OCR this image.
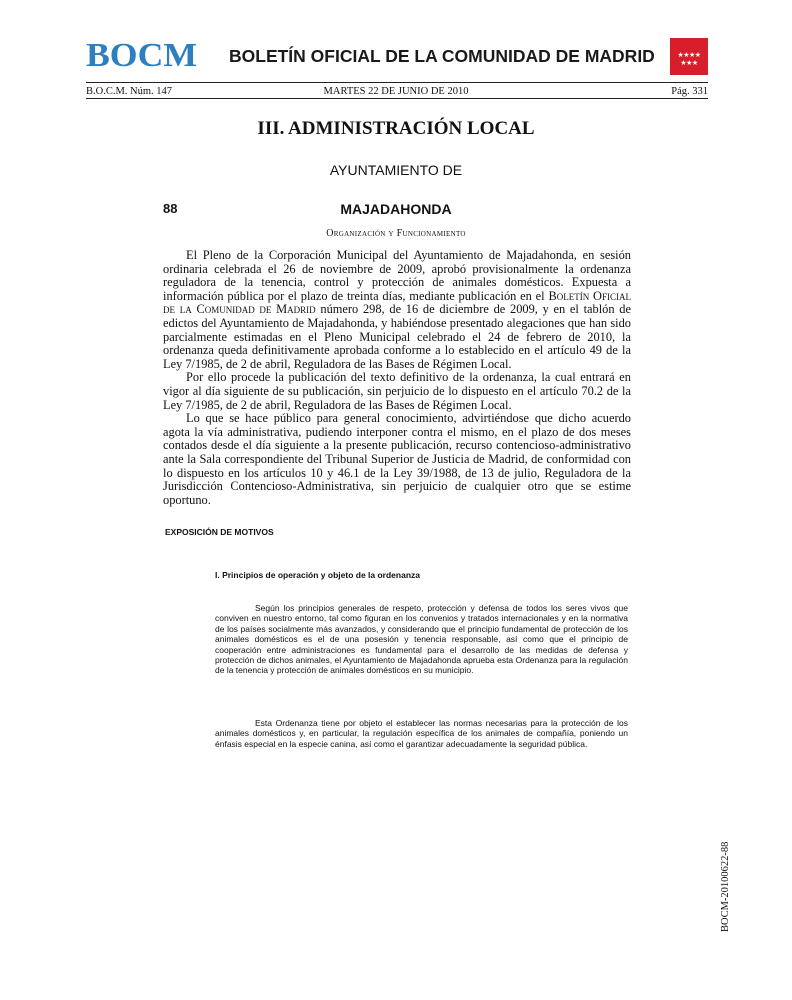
BOCM BOLETÍN OFICIAL DE LA COMUNIDAD DE MADRID	★★★★
★★★
B.O.C.M. Núm. 147	MARTES 22 DE JUNIO DE 2010	Pág. 331
III. ADMINISTRACIÓN LOCAL
AYUNTAMIENTO DE
88	MAJADAHONDA
Organización y Funcionamiento

El Pleno de la Corporación Municipal del Ayuntamiento de Majadahonda, en sesión ordinaria celebrada el 26 de noviembre de 2009, aprobó provisionalmente la ordenanza reguladora de la tenencia, control y protección de animales domésticos. Expuesta a información pública por el plazo de treinta días, mediante publicación en el Boletín Oficial de la Comunidad de Madrid número 298, de 16 de diciembre de 2009, y en el tablón de edictos del Ayuntamiento de Majadahonda, y habiéndose presentado alegaciones que han sido parcialmente estimadas en el Pleno Municipal celebrado el 24 de febrero de 2010, la ordenanza queda definitivamente aprobada conforme a lo establecido en el artículo 49 de la Ley 7/1985, de 2 de abril, Reguladora de las Bases de Régimen Local.

Por ello procede la publicación del texto definitivo de la ordenanza, la cual entrará en vigor al día siguiente de su publicación, sin perjuicio de lo dispuesto en el artículo 70.2 de la Ley 7/1985, de 2 de abril, Reguladora de las Bases de Régimen Local.

Lo que se hace público para general conocimiento, advirtiéndose que dicho acuerdo agota la vía administrativa, pudiendo interponer contra el mismo, en el plazo de dos meses contados desde el día siguiente a la presente publicación, recurso contencioso-administrativo ante la Sala correspondiente del Tribunal Superior de Justicia de Madrid, de conformidad con lo dispuesto en los artículos 10 y 46.1 de la Ley 39/1988, de 13 de julio, Reguladora de la Jurisdicción Contencioso-Administrativa, sin perjuicio de cualquier otro que se estime oportuno.

EXPOSICIÓN DE MOTIVOS
I. Principios de operación y objeto de la ordenanza

Según los principios generales de respeto, protección y defensa de todos los seres vivos que conviven en nuestro entorno, tal como figuran en los convenios y tratados internacionales y en la normativa de los países socialmente más avanzados, y considerando que el principio fundamental de protección de los animales domésticos es el de una posesión y tenencia responsable, así como que el principio de cooperación entre administraciones es fundamental para el desarrollo de las medidas de defensa y protección de dichos animales, el Ayuntamiento de Majadahonda aprueba esta Ordenanza para la regulación de la tenencia y protección de animales domésticos en su municipio.

Esta Ordenanza tiene por objeto el establecer las normas necesarias para la protección de los animales domésticos y, en particular, la regulación específica de los animales de compañía, poniendo un énfasis especial en la especie canina, así como el garantizar adecuadamente la seguridad pública.

BOCM-20100622-88
